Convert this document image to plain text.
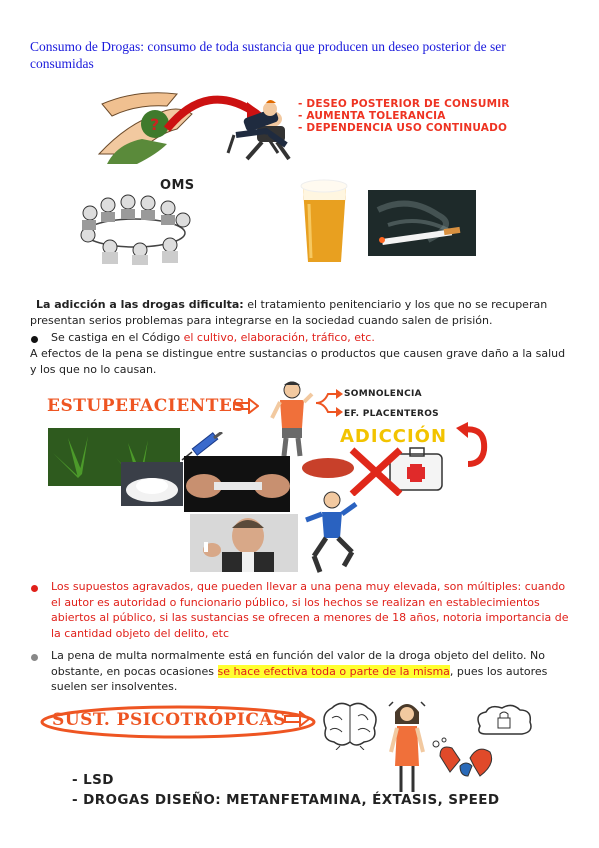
Consumo de Drogas: consumo de toda sustancia que producen un deseo posterior de ser consumidas
?
- DESEO POSTERIOR DE CONSUMIR
- AUMENTA TOLERANCIA
- DEPENDENCIA USO CONTINUADO
OMS
La adicción a las drogas dificulta: el tratamiento penitenciario y los que no se recuperan presentan serios problemas para integrarse en la sociedad cuando salen de prisión.
Se castiga en el Código el cultivo, elaboración, tráfico, etc.
A efectos de la pena se distingue entre sustancias o productos que causen grave daño a la salud y los que no lo causan.
ESTUPEFACIENTES
SOMNOLENCIA
EF. PLACENTEROS
ADICCIÓN
Los supuestos agravados, que pueden llevar a una pena muy elevada, son múltiples: cuando el autor es autoridad o funcionario público, si los hechos se realizan en establecimientos abiertos al público, si las sustancias se ofrecen a menores de 18 años, notoria importancia de la cantidad objeto del delito, etc
La pena de multa normalmente está en función del valor de la droga objeto del delito. No obstante, en pocas ocasiones se hace efectiva toda o parte de la misma, pues los autores suelen ser insolventes.
SUST. PSICOTRÓPICAS
- LSD
- DROGAS DISEÑO: METANFETAMINA, ÉXTASIS, SPEED
